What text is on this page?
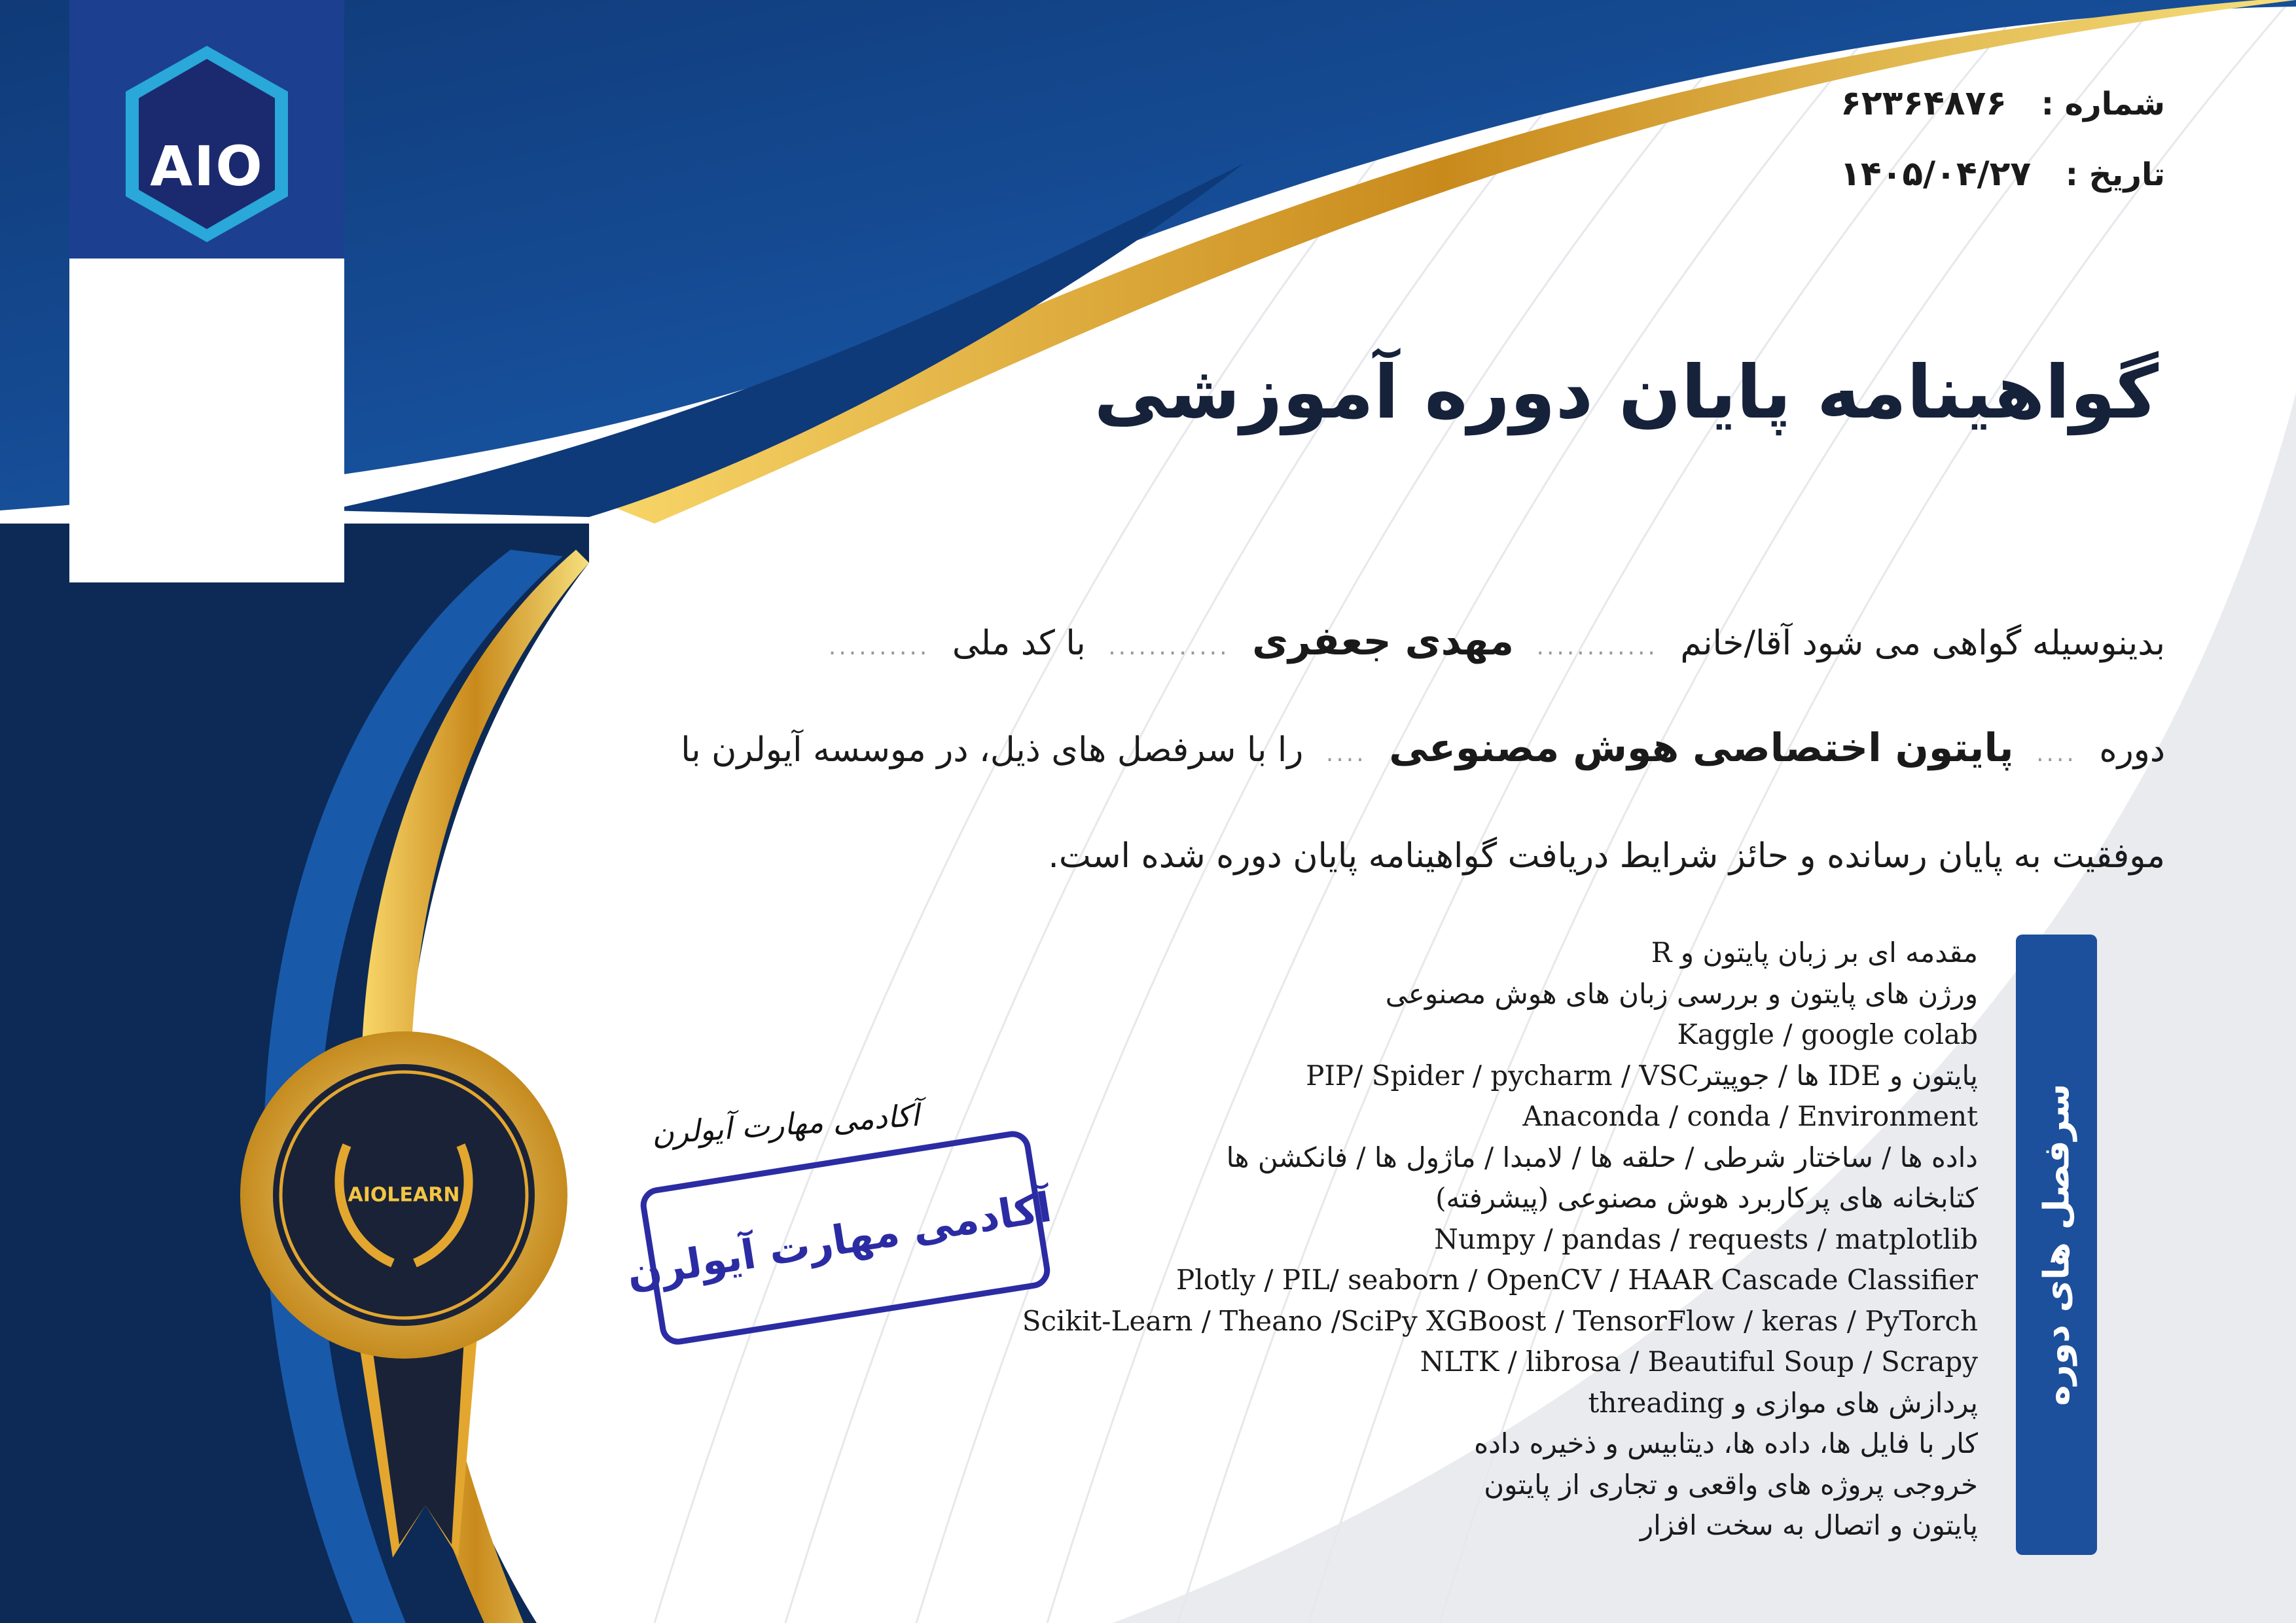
AIO
شماره : ۶۲۳۶۴۸۷۶
تاریخ : ۱۴۰۵/۰۴/۲۷
گواهینامه پایان دوره آموزشی
بدینوسیله گواهی می شود آقا/خانم ............ مهدی جعفری ............ با کد ملی ..........
دوره .... پایتون اختصاصی هوش مصنوعی .... را با سرفصل های ذیل، در موسسه آیولرن با
موفقیت به پایان رسانده و حائز شرایط دریافت گواهینامه پایان دوره شده است.
سرفصل های دوره
مقدمه ای بر زبان پایتون و R
ورژن های پایتون و بررسی زبان های هوش مصنوعی
Kaggle / google colab
پایتون و IDE ها / جوپیترPIP/ Spider / pycharm / VSC
Anaconda / conda / Environment
داده ها / ساختار شرطی / حلقه ها / لامبدا / ماژول ها / فانکشن ها
کتابخانه های پرکاربرد هوش مصنوعی (پیشرفته)
Numpy / pandas / requests / matplotlib
Plotly / PIL/ seaborn / OpenCV / HAAR Cascade Classifier
Scikit-Learn / Theano /SciPy XGBoost / TensorFlow / keras / PyTorch
NLTK / librosa / Beautiful Soup / Scrapy
پردازش های موازی و threading
کار با فایل ها، داده ها، دیتابیس و ذخیره داده
خروجی پروژه های واقعی و تجاری از پایتون
پایتون و اتصال به سخت افزار
آکادمی مهارت آیولرن
آکادمی مهارت آیولرن
AIOLEARN
